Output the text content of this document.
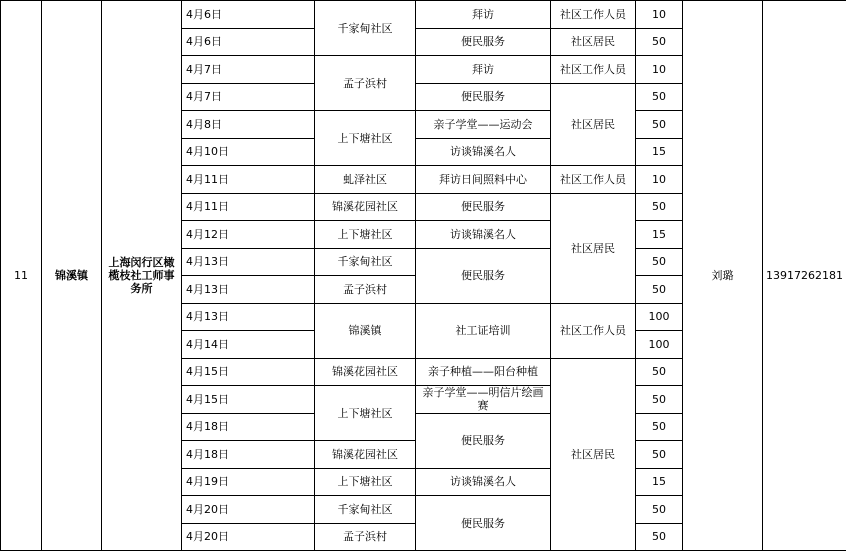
11	锦溪镇	上海闵行区橄榄枝社工师事务所	4月6日	千家甸社区	拜访	社区工作人员	10	刘璐	13917262181
			4月6日		便民服务	社区居民	50		
			4月7日	孟子浜村	拜访	社区工作人员	10		
			4月7日		便民服务	社区居民	50		
			4月8日	上下塘社区	亲子学堂——运动会		50		
			4月10日		访谈锦溪名人		15		
			4月11日	虬泽社区	拜访日间照料中心	社区工作人员	10		
			4月11日	锦溪花园社区	便民服务	社区居民	50		
			4月12日	上下塘社区	访谈锦溪名人		15		
			4月13日	千家甸社区	便民服务		50		
			4月13日	孟子浜村			50		
			4月13日	锦溪镇	社工证培训	社区工作人员	100		
			4月14日				100		
			4月15日	锦溪花园社区	亲子种植——阳台种植	社区居民	50		
			4月15日	上下塘社区	亲子学堂——明信片绘画赛		50		
			4月18日		便民服务		50		
			4月18日	锦溪花园社区			50		
			4月19日	上下塘社区	访谈锦溪名人		15		
			4月20日	千家甸社区	便民服务		50		
			4月20日	孟子浜村			50		
